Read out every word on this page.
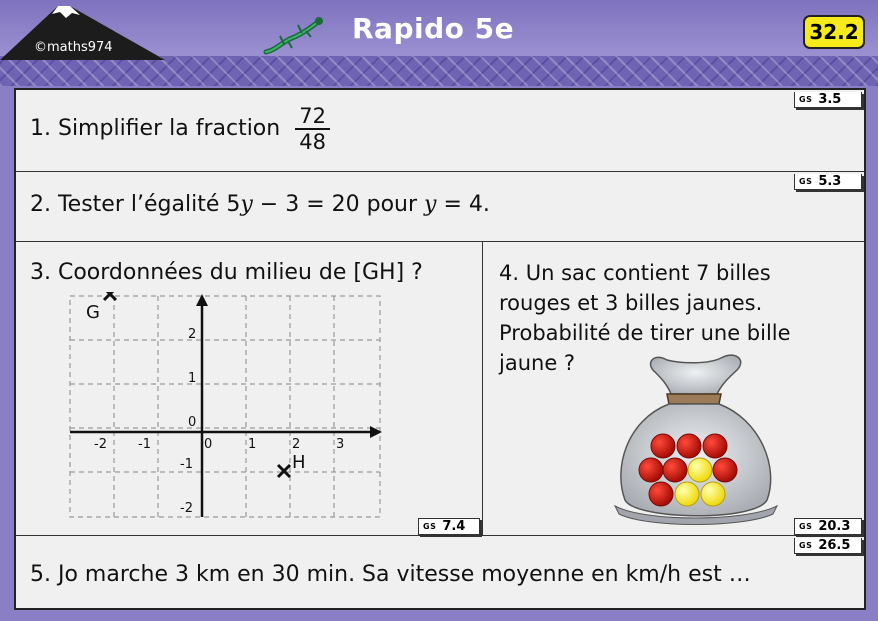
©maths974
Rapido 5e	32.2
1. Simplifier la fraction $\frac{72}{48}$
GS 3.5
2. Tester l’égalité 5y − 3 = 20 pour y = 4.
GS 5.3
3. Coordonnées du milieu de [GH] ?
-2 -1	0	1	2	3
2
1
0
-1
-2
G
H
GS 7.4
4. Un sac contient 7 billes
rouges et 3 billes jaunes.
Probabilité de tirer une bille
jaune ?
GS 20.3
5. Jo marche 3 km en 30 min. Sa vitesse moyenne en km/h est …
GS 26.5
